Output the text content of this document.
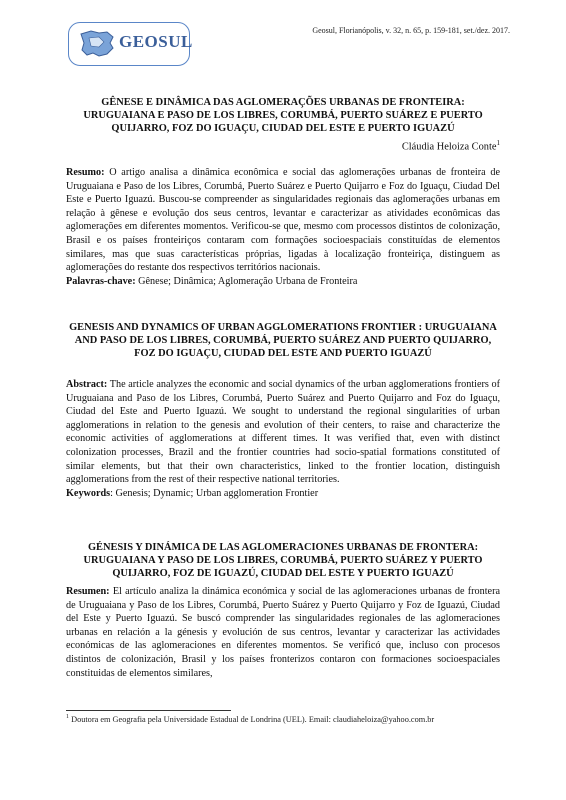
GEOSUL
Geosul, Florianópolis, v. 32, n. 65, p. 159-181, set./dez. 2017.

GÊNESE E DINÂMICA DAS AGLOMERAÇÕES URBANAS DE FRONTEIRA: URUGUAIANA E PASO DE LOS LIBRES, CORUMBÁ, PUERTO SUÁREZ E PUERTO QUIJARRO, FOZ DO IGUAÇU, CIUDAD DEL ESTE E PUERTO IGUAZÚ

Cláudia Heloiza Conte$^1$

Resumo: O artigo analisa a dinâmica econômica e social das aglomerações urbanas de fronteira de Uruguaiana e Paso de los Libres, Corumbá, Puerto Suárez e Puerto Quijarro e Foz do Iguaçu, Ciudad Del Este e Puerto Iguazú. Buscou-se compreender as singularidades regionais das aglomerações urbanas em relação à gênese e evolução dos seus centros, levantar e caracterizar as atividades econômicas das aglomerações em diferentes momentos. Verificou-se que, mesmo com processos distintos de colonização, Brasil e os países fronteiriços contaram com formações socioespaciais constituídas de elementos similares, mas que suas características próprias, ligadas à localização fronteiriça, distinguem as aglomerações do restante dos respectivos territórios nacionais.

Palavras-chave: Gênese; Dinâmica; Aglomeração Urbana de Fronteira

GENESIS AND DYNAMICS OF URBAN AGGLOMERATIONS FRONTIER : URUGUAIANA AND PASO DE LOS LIBRES, CORUMBÁ, PUERTO SUÁREZ AND PUERTO QUIJARRO, FOZ DO IGUAÇU, CIUDAD DEL ESTE AND PUERTO IGUAZÚ

Abstract: The article analyzes the economic and social dynamics of the urban agglomerations frontiers of Uruguaiana and Paso de los Libres, Corumbá, Puerto Suárez and Puerto Quijarro and Foz do Iguaçu, Ciudad del Este and Puerto Iguazú. We sought to understand the regional singularities of urban agglomerations in relation to the genesis and evolution of their centers, to raise and characterize the economic activities of agglomerations at different times. It was verified that, even with distinct colonization processes, Brazil and the frontier countries had socio-spatial formations constituted of similar elements, but that their own characteristics, linked to the frontier location, distinguish agglomerations from the rest of their respective national territories.

Keywords: Genesis; Dynamic; Urban agglomeration Frontier

GÉNESIS Y DINÁMICA DE LAS AGLOMERACIONES URBANAS DE FRONTERA: URUGUAIANA Y PASO DE LOS LIBRES, CORUMBÁ, PUERTO SUÁREZ Y PUERTO QUIJARRO, FOZ DE IGUAZÚ, CIUDAD DEL ESTE Y PUERTO IGUAZÚ

Resumen: El artículo analiza la dinámica económica y social de las aglomeraciones urbanas de frontera de Uruguaiana y Paso de los Libres, Corumbá, Puerto Suárez y Puerto Quijarro y Foz de Iguazú, Ciudad del Este y Puerto Iguazú. Se buscó comprender las singularidades regionales de las aglomeraciones urbanas en relación a la génesis y evolución de sus centros, levantar y caracterizar las actividades económicas de las aglomeraciones en diferentes momentos. Se verificó que, incluso con procesos distintos de colonización, Brasil y los países fronterizos contaron con formaciones socioespaciales constituidas de elementos similares,

$^1$ Doutora em Geografia pela Universidade Estadual de Londrina (UEL). Email: claudiaheloiza@yahoo.com.br
